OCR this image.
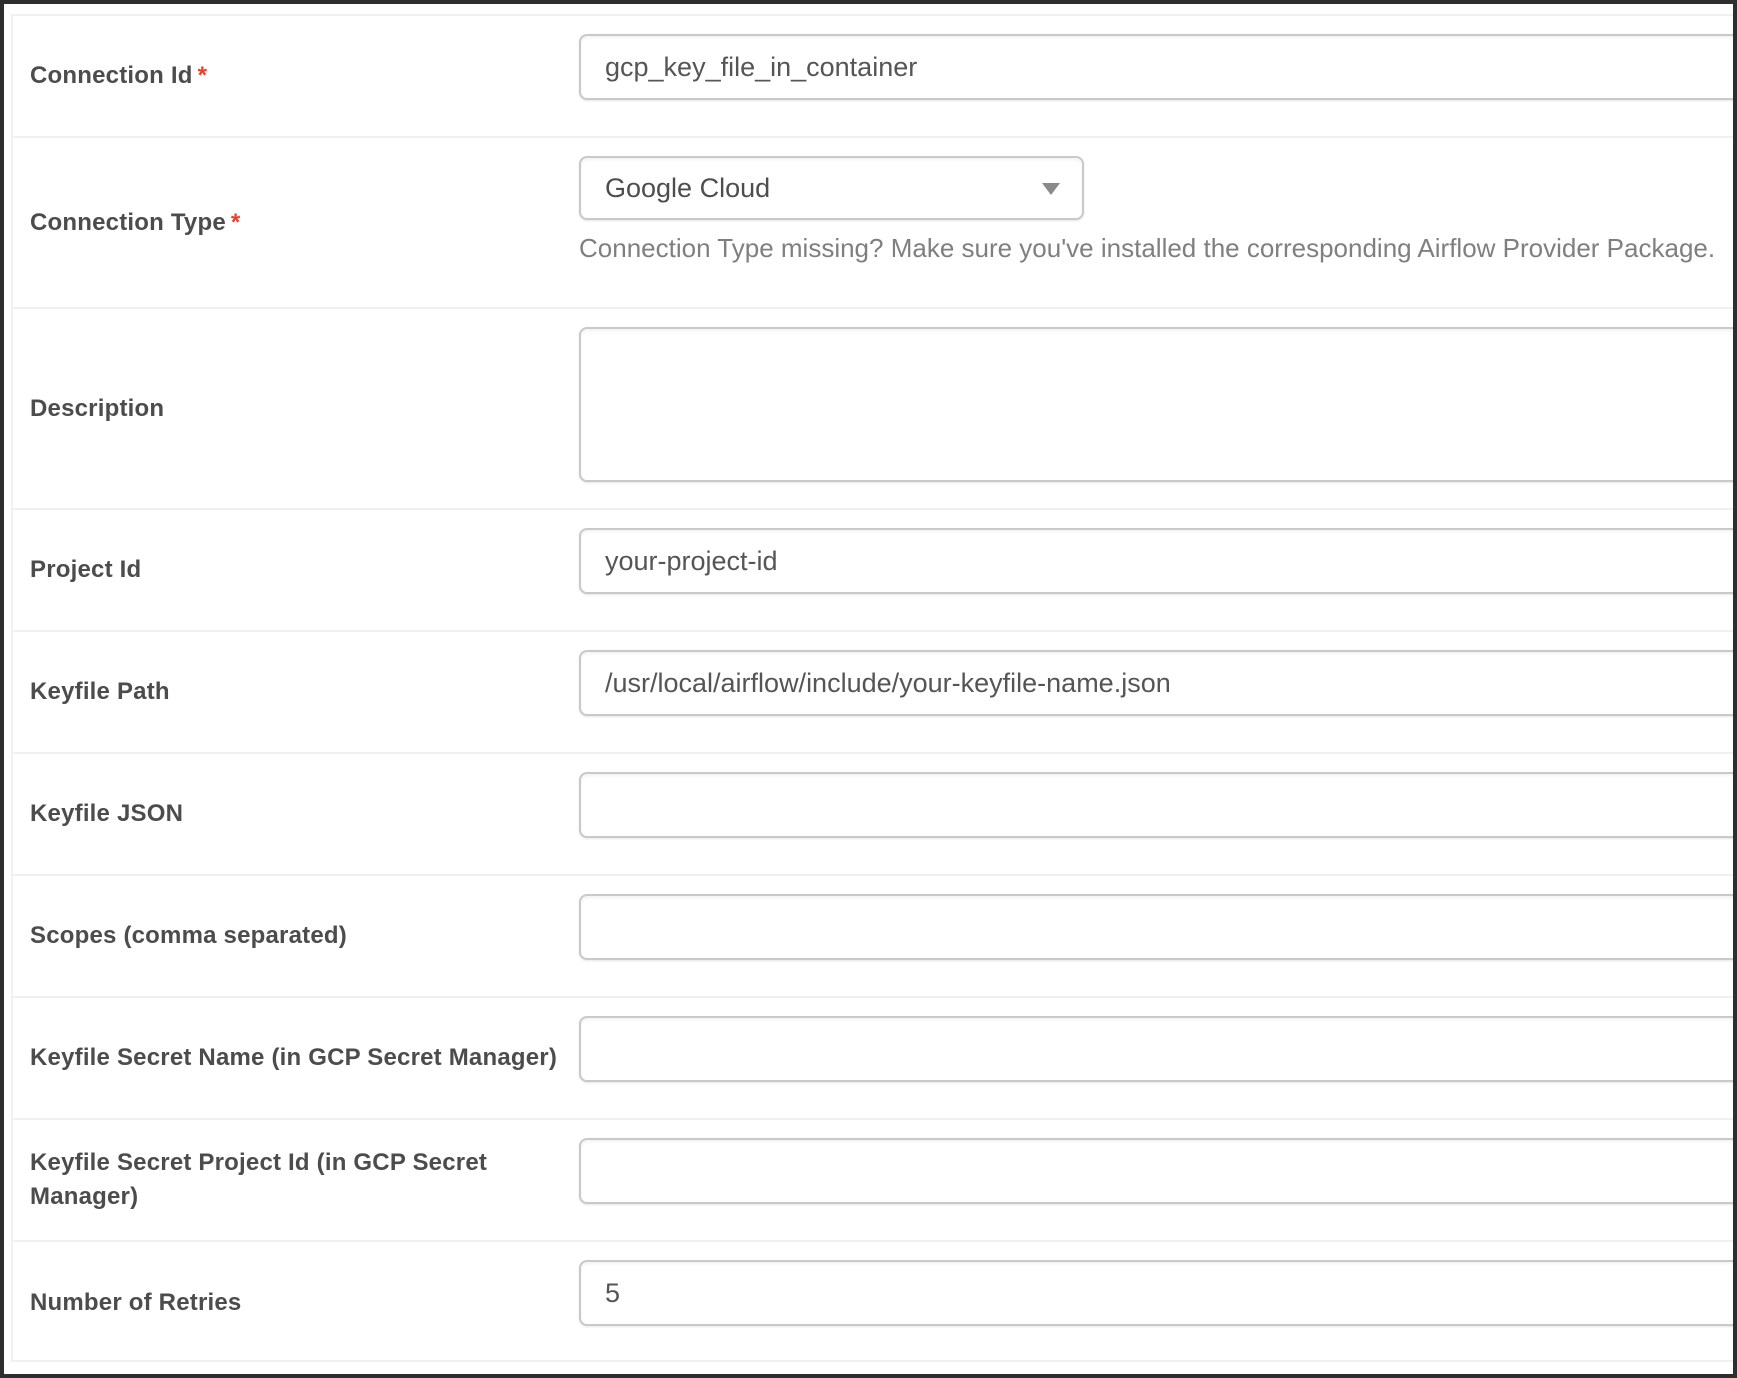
Connection Id *
gcp_key_file_in_container
Connection Type *
Google Cloud
Connection Type missing? Make sure you've installed the corresponding Airflow Provider Package.
Description
Project Id
your-project-id
Keyfile Path
/usr/local/airflow/include/your-keyfile-name.json
Keyfile JSON
Scopes (comma separated)
Keyfile Secret Name (in GCP Secret Manager)
Keyfile Secret Project Id (in GCP Secret Manager)
Number of Retries
5
